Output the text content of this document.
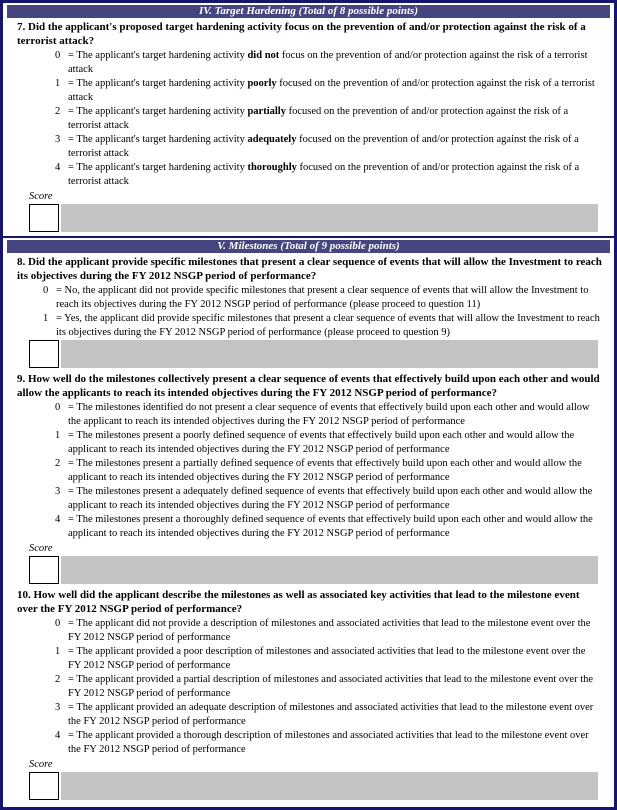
IV. Target Hardening (Total of 8 possible points)
7. Did the applicant's proposed target hardening activity focus on the prevention of and/or protection against the risk of a terrorist attack?
0 = The applicant's target hardening activity did not focus on the prevention of and/or protection against the risk of a terrorist attack
1 = The applicant's target hardening activity poorly focused on the prevention of and/or protection against the risk of a terrorist attack
2 = The applicant's target hardening activity partially focused on the prevention of and/or protection against the risk of a terrorist attack
3 = The applicant's target hardening activity adequately focused on the prevention of and/or protection against the risk of a terrorist attack
4 = The applicant's target hardening activity thoroughly focused on the prevention of and/or protection against the risk of a terrorist attack
Score
V. Milestones (Total of 9 possible points)
8. Did the applicant provide specific milestones that present a clear sequence of events that will allow the Investment to reach its objectives during the FY 2012 NSGP period of performance?
0 = No, the applicant did not provide specific milestones that present a clear sequence of events that will allow the Investment to reach its objectives during the FY 2012 NSGP period of performance (please proceed to question 11)
1 = Yes, the applicant did provide specific milestones that present a clear sequence of events that will allow the Investment to reach its objectives during the FY 2012 NSGP period of performance (please proceed to question 9)
9. How well do the milestones collectively present a clear sequence of events that effectively build upon each other and would allow the applicants to reach its intended objectives during the FY 2012 NSGP period of performance?
0 = The milestones identified do not present a clear sequence of events that effectively build upon each other and would allow the applicant to reach its intended objectives during the FY 2012 NSGP period of performance
1 = The milestones present a poorly defined sequence of events that effectively build upon each other and would allow the applicant to reach its intended objectives during the FY 2012 NSGP period of performance
2 = The milestones present a partially defined sequence of events that effectively build upon each other and would allow the applicant to reach its intended objectives during the FY 2012 NSGP period of performance
3 = The milestones present a adequately defined sequence of events that effectively build upon each other and would allow the applicant to reach its intended objectives during the FY 2012 NSGP period of performance
4 = The milestones present a thoroughly defined sequence of events that effectively build upon each other and would allow the applicant to reach its intended objectives during the FY 2012 NSGP period of performance
Score
10. How well did the applicant describe the milestones as well as associated key activities that lead to the milestone event over the FY 2012 NSGP period of performance?
0 = The applicant did not provide a description of milestones and associated activities that lead to the milestone event over the FY 2012 NSGP period of performance
1 = The applicant provided a poor description of milestones and associated activities that lead to the milestone event over the FY 2012 NSGP period of performance
2 = The applicant provided a partial description of milestones and associated activities that lead to the milestone event over the FY 2012 NSGP period of performance
3 = The applicant provided an adequate description of milestones and associated activities that lead to the milestone event over the FY 2012 NSGP period of performance
4 = The applicant provided a thorough description of milestones and associated activities that lead to the milestone event over the FY 2012 NSGP period of performance
Score
